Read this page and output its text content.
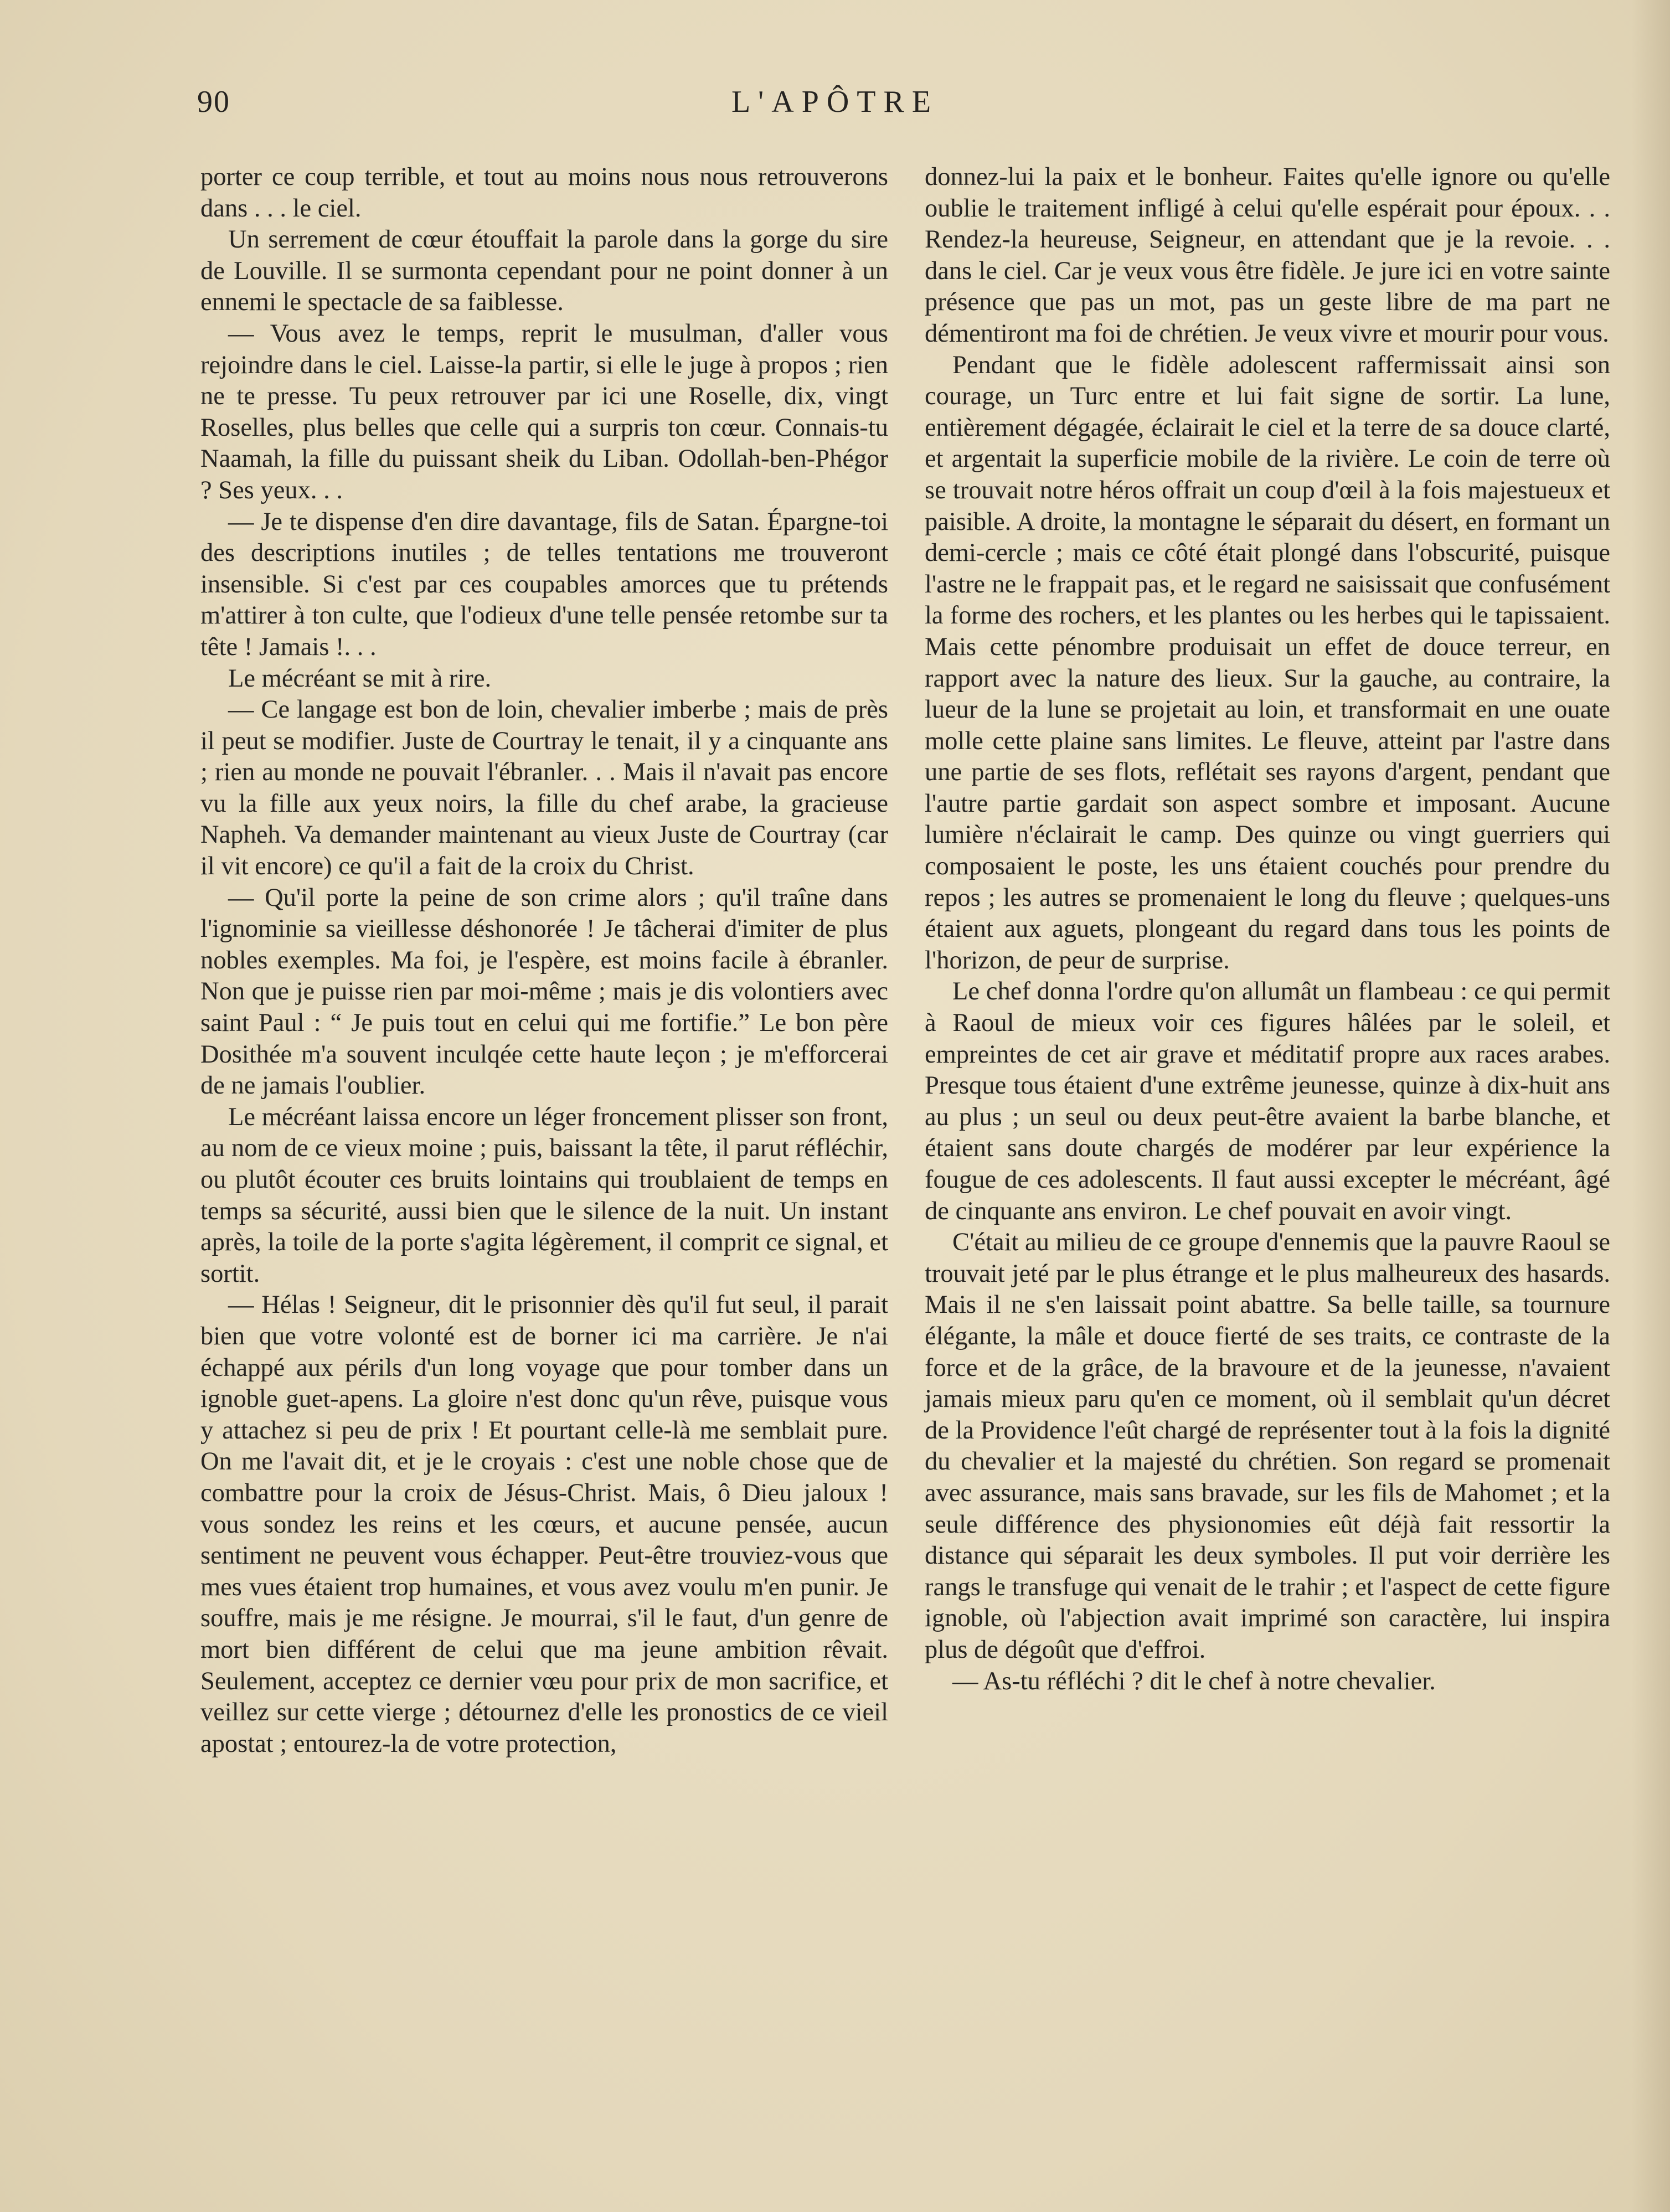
90	L'APÔTRE

porter ce coup terrible, et tout au moins nous nous retrouverons dans . . . le ciel.

Un serrement de cœur étouffait la parole dans la gorge du sire de Louville. Il se surmonta cependant pour ne point donner à un ennemi le spectacle de sa faiblesse.

— Vous avez le temps, reprit le musulman, d'aller vous rejoindre dans le ciel. Laisse-la partir, si elle le juge à propos ; rien ne te presse. Tu peux retrouver par ici une Roselle, dix, vingt Roselles, plus belles que celle qui a surpris ton cœur. Connais-tu Naamah, la fille du puissant sheik du Liban. Odollah-ben-Phégor ? Ses yeux. . .

— Je te dispense d'en dire davantage, fils de Satan. Épargne-toi des descriptions inutiles ; de telles tentations me trouveront insensible. Si c'est par ces coupables amorces que tu prétends m'attirer à ton culte, que l'odieux d'une telle pensée retombe sur ta tête ! Jamais !. . .

Le mécréant se mit à rire.

— Ce langage est bon de loin, chevalier imberbe ; mais de près il peut se modifier. Juste de Courtray le tenait, il y a cinquante ans ; rien au monde ne pouvait l'ébranler. . . Mais il n'avait pas encore vu la fille aux yeux noirs, la fille du chef arabe, la gracieuse Napheh. Va demander maintenant au vieux Juste de Courtray (car il vit encore) ce qu'il a fait de la croix du Christ.

— Qu'il porte la peine de son crime alors ; qu'il traîne dans l'ignominie sa vieillesse déshonorée ! Je tâcherai d'imiter de plus nobles exemples. Ma foi, je l'espère, est moins facile à ébranler. Non que je puisse rien par moi-même ; mais je dis volontiers avec saint Paul : “ Je puis tout en celui qui me fortifie.” Le bon père Dosithée m'a souvent inculqée cette haute leçon ; je m'efforcerai de ne jamais l'oublier.

Le mécréant laissa encore un léger froncement plisser son front, au nom de ce vieux moine ; puis, baissant la tête, il parut réfléchir, ou plutôt écouter ces bruits lointains qui troublaient de temps en temps sa sécurité, aussi bien que le silence de la nuit. Un instant après, la toile de la porte s'agita légèrement, il comprit ce signal, et sortit.

— Hélas ! Seigneur, dit le prisonnier dès qu'il fut seul, il parait bien que votre volonté est de borner ici ma carrière. Je n'ai échappé aux périls d'un long voyage que pour tomber dans un ignoble guet-apens. La gloire n'est donc qu'un rêve, puisque vous y attachez si peu de prix ! Et pourtant celle-là me semblait pure. On me l'avait dit, et je le croyais : c'est une noble chose que de combattre pour la croix de Jésus-Christ. Mais, ô Dieu jaloux ! vous sondez les reins et les cœurs, et aucune pensée, aucun sentiment ne peuvent vous échapper. Peut-être trouviez-vous que mes vues étaient trop humaines, et vous avez voulu m'en punir. Je souffre, mais je me résigne. Je mourrai, s'il le faut, d'un genre de mort bien différent de celui que ma jeune ambition rêvait. Seulement, acceptez ce dernier vœu pour prix de mon sacrifice, et veillez sur cette vierge ; détournez d'elle les pronostics de ce vieil apostat ; entourez-la de votre protection,

donnez-lui la paix et le bonheur. Faites qu'elle ignore ou qu'elle oublie le traitement infligé à celui qu'elle espérait pour époux. . . Rendez-la heureuse, Seigneur, en attendant que je la revoie. . . dans le ciel. Car je veux vous être fidèle. Je jure ici en votre sainte présence que pas un mot, pas un geste libre de ma part ne démentiront ma foi de chrétien. Je veux vivre et mourir pour vous.

Pendant que le fidèle adolescent raffermissait ainsi son courage, un Turc entre et lui fait signe de sortir. La lune, entièrement dégagée, éclairait le ciel et la terre de sa douce clarté, et argentait la superficie mobile de la rivière. Le coin de terre où se trouvait notre héros offrait un coup d'œil à la fois majestueux et paisible. A droite, la montagne le séparait du désert, en formant un demi-cercle ; mais ce côté était plongé dans l'obscurité, puisque l'astre ne le frappait pas, et le regard ne saisissait que confusément la forme des rochers, et les plantes ou les herbes qui le tapissaient. Mais cette pénombre produisait un effet de douce terreur, en rapport avec la nature des lieux. Sur la gauche, au contraire, la lueur de la lune se projetait au loin, et transformait en une ouate molle cette plaine sans limites. Le fleuve, atteint par l'astre dans une partie de ses flots, reflétait ses rayons d'argent, pendant que l'autre partie gardait son aspect sombre et imposant. Aucune lumière n'éclairait le camp. Des quinze ou vingt guerriers qui composaient le poste, les uns étaient couchés pour prendre du repos ; les autres se promenaient le long du fleuve ; quelques-uns étaient aux aguets, plongeant du regard dans tous les points de l'horizon, de peur de surprise.

Le chef donna l'ordre qu'on allumât un flambeau : ce qui permit à Raoul de mieux voir ces figures hâlées par le soleil, et empreintes de cet air grave et méditatif propre aux races arabes. Presque tous étaient d'une extrême jeunesse, quinze à dix-huit ans au plus ; un seul ou deux peut-être avaient la barbe blanche, et étaient sans doute chargés de modérer par leur expérience la fougue de ces adolescents. Il faut aussi excepter le mécréant, âgé de cinquante ans environ. Le chef pouvait en avoir vingt.

C'était au milieu de ce groupe d'ennemis que la pauvre Raoul se trouvait jeté par le plus étrange et le plus malheureux des hasards. Mais il ne s'en laissait point abattre. Sa belle taille, sa tournure élégante, la mâle et douce fierté de ses traits, ce contraste de la force et de la grâce, de la bravoure et de la jeunesse, n'avaient jamais mieux paru qu'en ce moment, où il semblait qu'un décret de la Providence l'eût chargé de représenter tout à la fois la dignité du chevalier et la majesté du chrétien. Son regard se promenait avec assurance, mais sans bravade, sur les fils de Mahomet ; et la seule différence des physionomies eût déjà fait ressortir la distance qui séparait les deux symboles. Il put voir derrière les rangs le transfuge qui venait de le trahir ; et l'aspect de cette figure ignoble, où l'abjection avait imprimé son caractère, lui inspira plus de dégoût que d'effroi.

— As-tu réfléchi ? dit le chef à notre chevalier.
